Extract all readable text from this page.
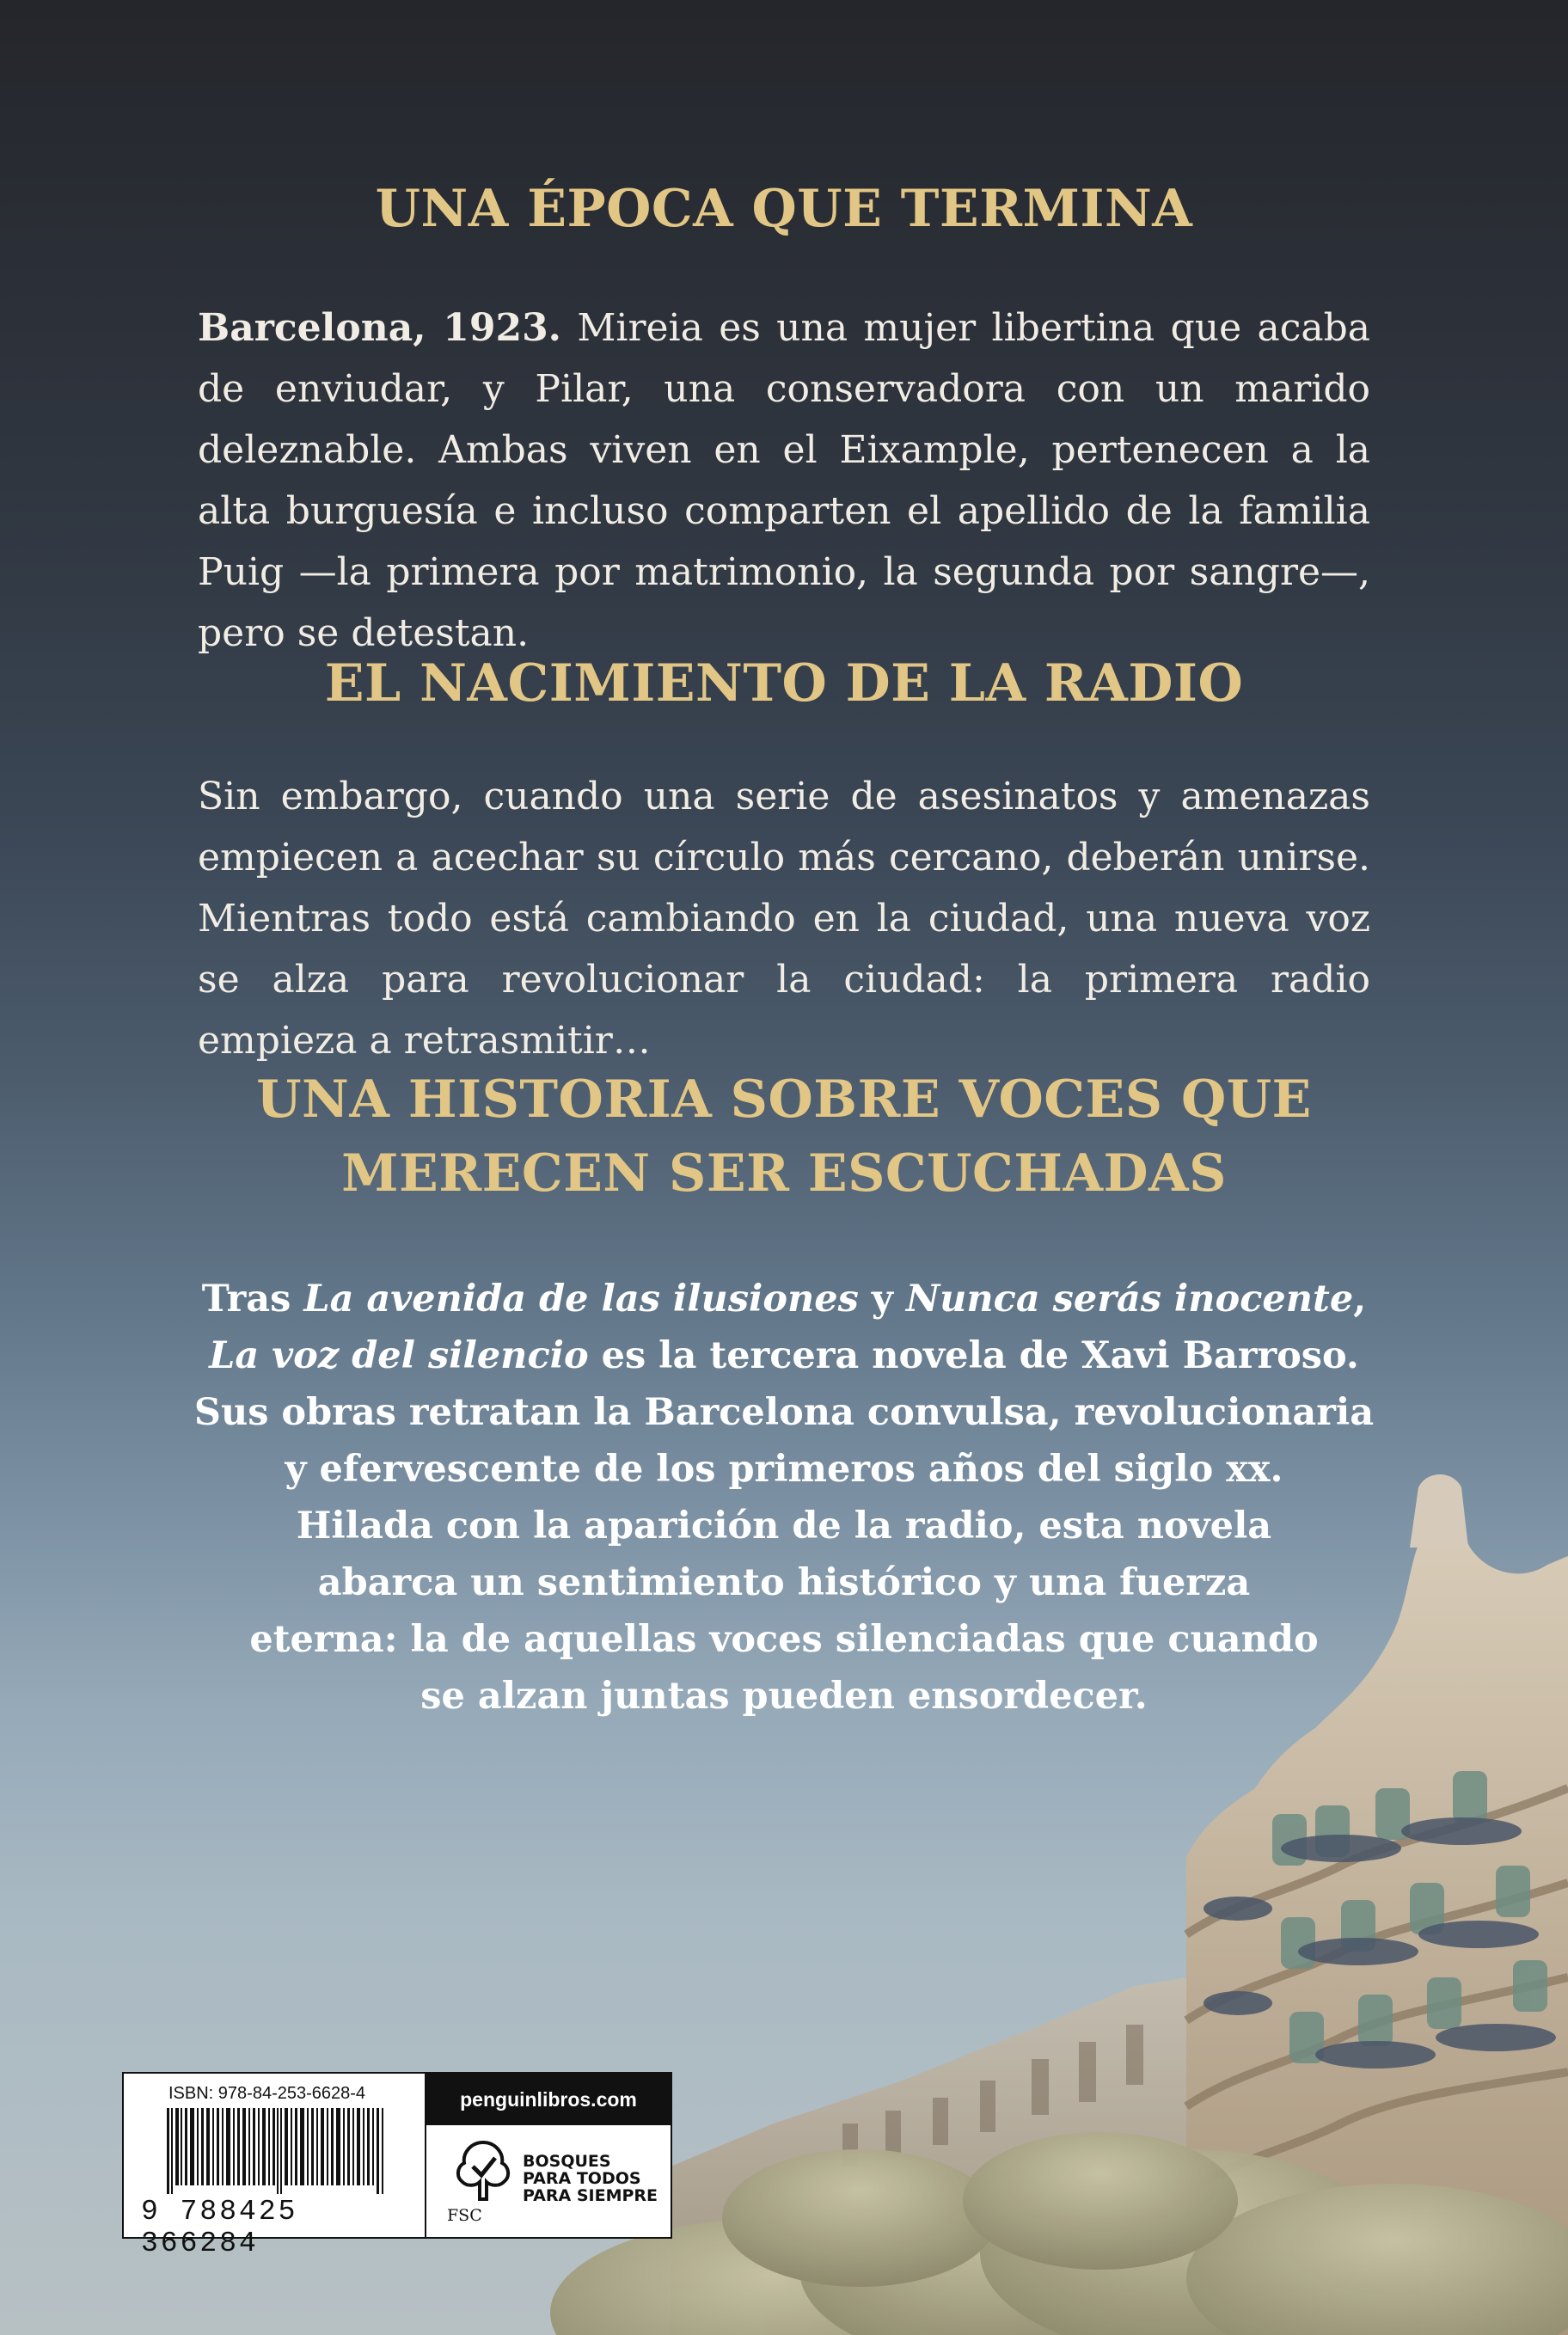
UNA ÉPOCA QUE TERMINA
Barcelona, 1923. Mireia es una mujer libertina que acaba de enviudar, y Pilar, una conservadora con un marido deleznable. Ambas viven en el Eixample, pertenecen a la alta burguesía e incluso comparten el apellido de la familia Puig —la primera por matrimonio, la segunda por sangre—, pero se detestan.
EL NACIMIENTO DE LA RADIO
Sin embargo, cuando una serie de asesinatos y amenazas empiecen a acechar su círculo más cercano, deberán unirse. Mientras todo está cambiando en la ciudad, una nueva voz se alza para revolucionar la ciudad: la primera radio empieza a retrasmitir…
UNA HISTORIA SOBRE VOCES QUE
MERECEN SER ESCUCHADAS
Tras La avenida de las ilusiones y Nunca serás inocente,
La voz del silencio es la tercera novela de Xavi Barroso.
Sus obras retratan la Barcelona convulsa, revolucionaria
y efervescente de los primeros años del siglo xx.
Hilada con la aparición de la radio, esta novela
abarca un sentimiento histórico y una fuerza
eterna: la de aquellas voces silenciadas que cuando
se alzan juntas pueden ensordecer.
ISBN: 978-84-253-6628-4
9 788425 366284
penguinlibros.com
BOSQUES
PARA TODOS
PARA SIEMPRE
FSC
